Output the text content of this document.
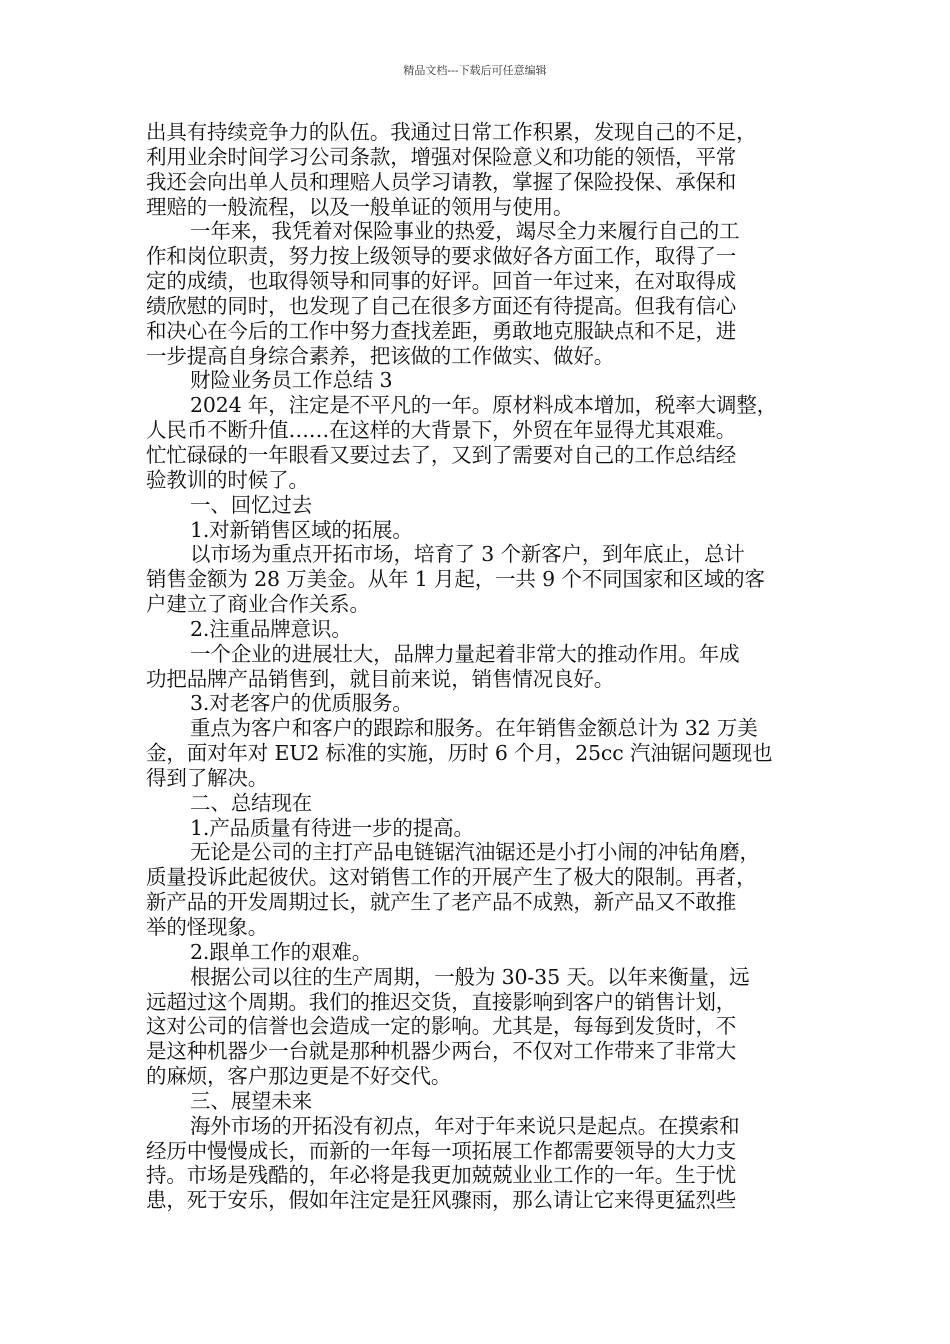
精品文档---下载后可任意编辑
出具有持续竞争力的队伍。我通过日常工作积累，发现自己的不足，
利用业余时间学习公司条款，增强对保险意义和功能的领悟，平常
我还会向出单人员和理赔人员学习请教，掌握了保险投保、承保和
理赔的一般流程，以及一般单证的领用与使用。
一年来，我凭着对保险事业的热爱，竭尽全力来履行自己的工
作和岗位职责，努力按上级领导的要求做好各方面工作，取得了一
定的成绩，也取得领导和同事的好评。回首一年过来，在对取得成
绩欣慰的同时，也发现了自己在很多方面还有待提高。但我有信心
和决心在今后的工作中努力查找差距，勇敢地克服缺点和不足，进
一步提高自身综合素养，把该做的工作做实、做好。
财险业务员工作总结 3
2024 年，注定是不平凡的一年。原材料成本增加，税率大调整，
人民币不断升值……在这样的大背景下，外贸在年显得尤其艰难。
忙忙碌碌的一年眼看又要过去了，又到了需要对自己的工作总结经
验教训的时候了。
一、回忆过去
1.对新销售区域的拓展。
以市场为重点开拓市场，培育了 3 个新客户，到年底止，总计
销售金额为 28 万美金。从年 1 月起，一共 9 个不同国家和区域的客
户建立了商业合作关系。
2.注重品牌意识。
一个企业的进展壮大，品牌力量起着非常大的推动作用。年成
功把品牌产品销售到，就目前来说，销售情况良好。
3.对老客户的优质服务。
重点为客户和客户的跟踪和服务。在年销售金额总计为 32 万美
金，面对年对 EU2 标准的实施，历时 6 个月，25cc 汽油锯问题现也
得到了解决。
二、总结现在
1.产品质量有待进一步的提高。
无论是公司的主打产品电链锯汽油锯还是小打小闹的冲钻角磨，
质量投诉此起彼伏。这对销售工作的开展产生了极大的限制。再者，
新产品的开发周期过长，就产生了老产品不成熟，新产品又不敢推
举的怪现象。
2.跟单工作的艰难。
根据公司以往的生产周期，一般为 30-35 天。以年来衡量，远
远超过这个周期。我们的推迟交货，直接影响到客户的销售计划，
这对公司的信誉也会造成一定的影响。尤其是，每每到发货时，不
是这种机器少一台就是那种机器少两台，不仅对工作带来了非常大
的麻烦，客户那边更是不好交代。
三、展望未来
海外市场的开拓没有初点，年对于年来说只是起点。在摸索和
经历中慢慢成长，而新的一年每一项拓展工作都需要领导的大力支
持。市场是残酷的，年必将是我更加兢兢业业工作的一年。生于忧
患，死于安乐，假如年注定是狂风骤雨，那么请让它来得更猛烈些
